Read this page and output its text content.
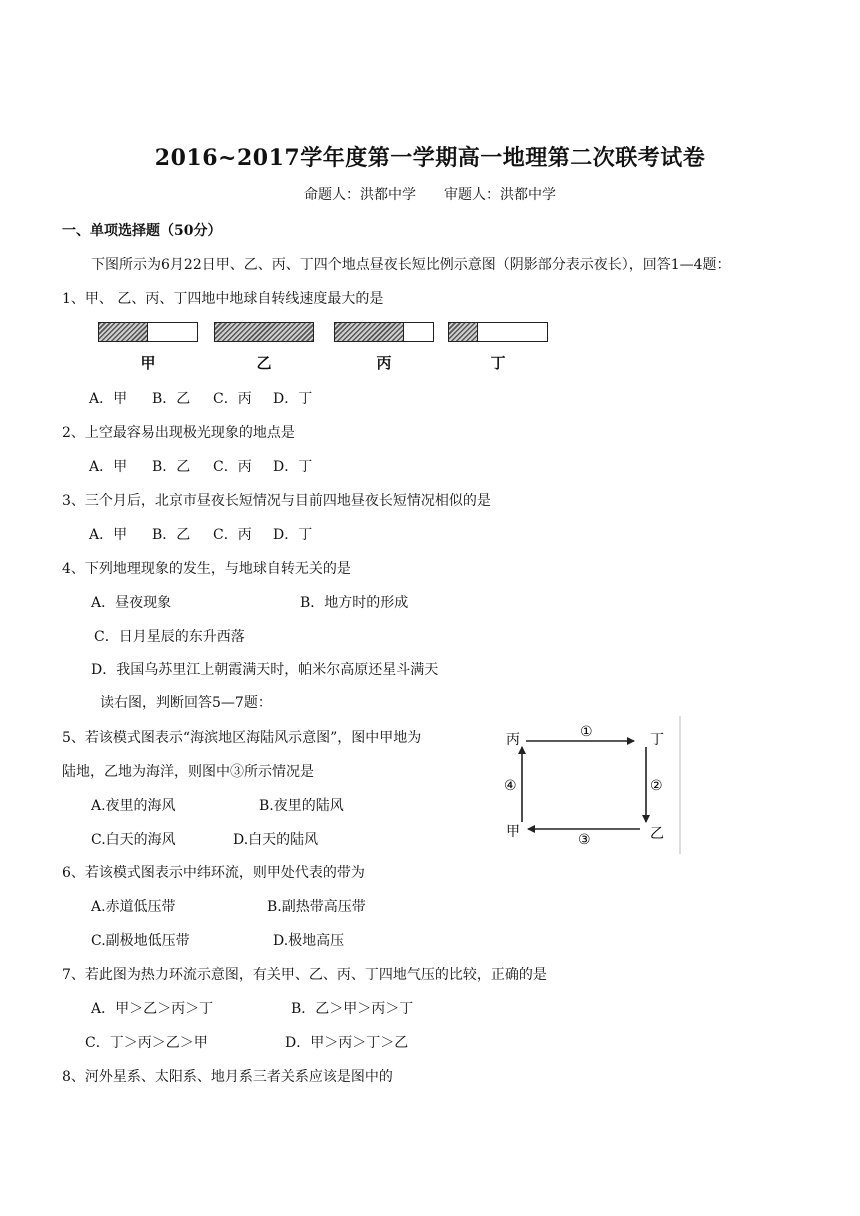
2016~2017学年度第一学期高一地理第二次联考试卷
命题人：洪都中学　　审题人：洪都中学
一、单项选择题（50分）
下图所示为6月22日甲、乙、丙、丁四个地点昼夜长短比例示意图（阴影部分表示夜长），回答1—4题：
1、甲、 乙、丙、丁四地中地球自转线速度最大的是
甲	乙	丙	丁
A．甲 B．乙 C．丙 D．丁
2、上空最容易出现极光现象的地点是
A．甲 B．乙 C．丙 D．丁
3、三个月后，北京市昼夜长短情况与目前四地昼夜长短情况相似的是
A．甲 B．乙 C．丙 D．丁
4、下列地理现象的发生，与地球自转无关的是
A．昼夜现象	B．地方时的形成
C．日月星辰的东升西落
D．我国乌苏里江上朝霞满天时，帕米尔高原还星斗满天
读右图，判断回答5—7题：
5、若该模式图表示“海滨地区海陆风示意图”，图中甲地为
陆地，乙地为海洋，则图中③所示情况是
A.夜里的海风	B.夜里的陆风
C.白天的海风	D.白天的陆风
丙	丁
甲	乙
①
②
③
④
6、若该模式图表示中纬环流，则甲处代表的带为
A.赤道低压带	B.副热带高压带
C.副极地低压带	D.极地高压
7、若此图为热力环流示意图，有关甲、乙、丙、丁四地气压的比较，正确的是
A．甲＞乙＞丙＞丁	B．乙＞甲＞丙＞丁
C．丁＞丙＞乙＞甲	D．甲＞丙＞丁＞乙
8、河外星系、太阳系、地月系三者关系应该是图中的
